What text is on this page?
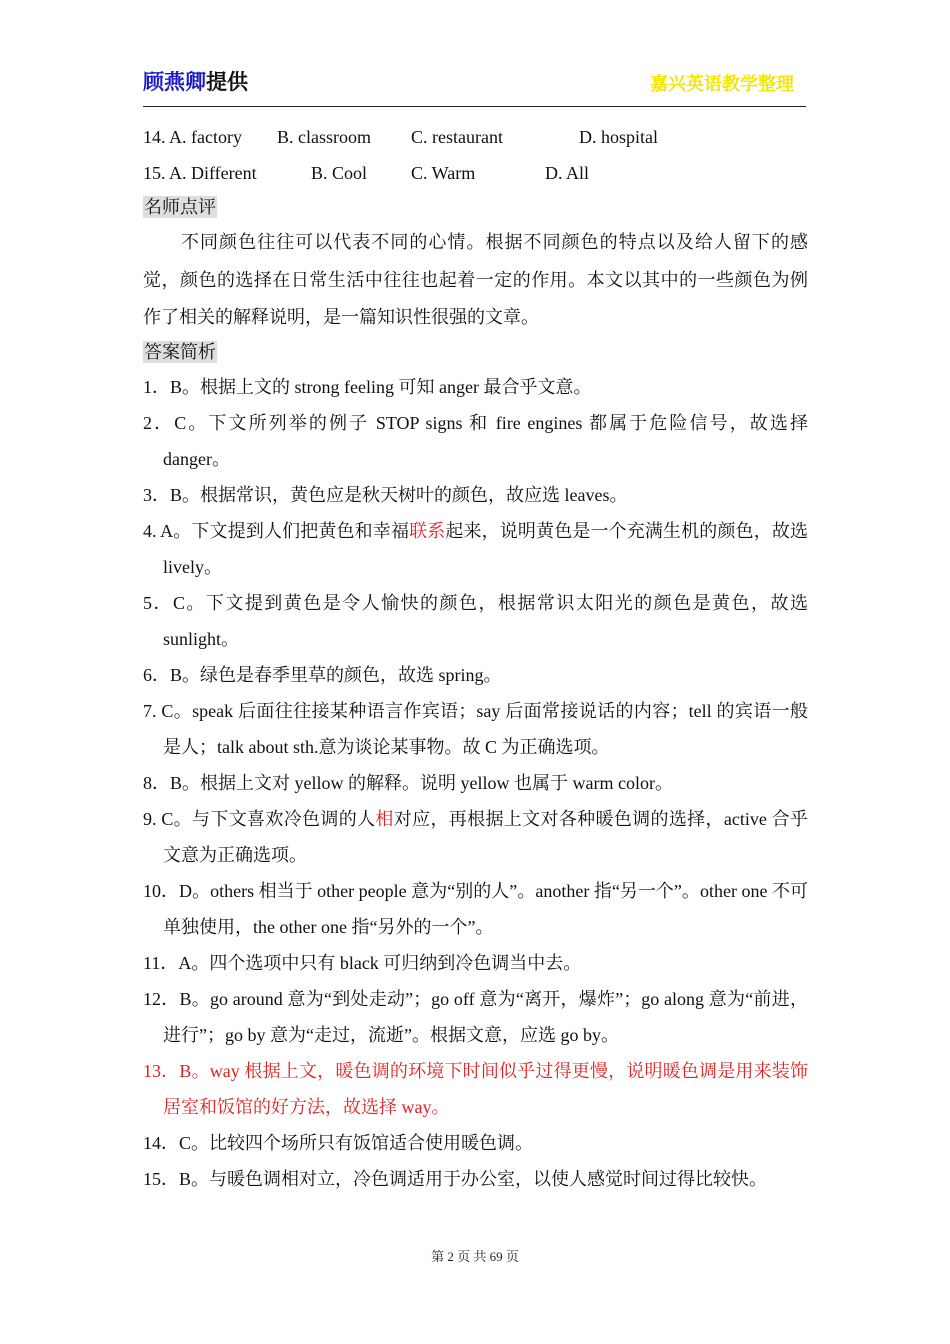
顾燕卿提供	嘉兴英语教学整理
14. A. factory B. classroom C. restaurant	D. hospital
15. A. Different	B. Cool C. Warm	D. All
名师点评

不同颜色往往可以代表不同的心情。根据不同颜色的特点以及给人留下的感觉，颜色的选择在日常生活中往往也起着一定的作用。本文以其中的一些颜色为例作了相关的解释说明，是一篇知识性很强的文章。

答案简析

1．B。根据上文的 strong feeling 可知 anger 最合乎文意。

2．C。下文所列举的例子 STOP signs 和 fire engines 都属于危险信号，故选择 danger。

3．B。根据常识，黄色应是秋天树叶的颜色，故应选 leaves。

4. A。下文提到人们把黄色和幸福联系起来，说明黄色是一个充满生机的颜色，故选 lively。

5．C。下文提到黄色是令人愉快的颜色，根据常识太阳光的颜色是黄色，故选 sunlight。

6．B。绿色是春季里草的颜色，故选 spring。

7. C。speak 后面往往接某种语言作宾语；say 后面常接说话的内容；tell 的宾语一般是人；talk about sth.意为谈论某事物。故 C 为正确选项。

8．B。根据上文对 yellow 的解释。说明 yellow 也属于 warm color。

9. C。与下文喜欢冷色调的人相对应，再根据上文对各种暖色调的选择，active 合乎文意为正确选项。

10．D。others 相当于 other people 意为“别的人”。another 指“另一个”。other one 不可单独使用，the other one 指“另外的一个”。

11．A。四个选项中只有 black 可归纳到冷色调当中去。

12．B。go around 意为“到处走动”；go off 意为“离开，爆炸”；go along 意为“前进，进行”；go by 意为“走过，流逝”。根据文意，应选 go by。

13．B。way 根据上文，暖色调的环境下时间似乎过得更慢，说明暖色调是用来装饰居室和饭馆的好方法，故选择 way。

14．C。比较四个场所只有饭馆适合使用暖色调。

15．B。与暖色调相对立，冷色调适用于办公室，以使人感觉时间过得比较快。

第 2 页 共 69 页
